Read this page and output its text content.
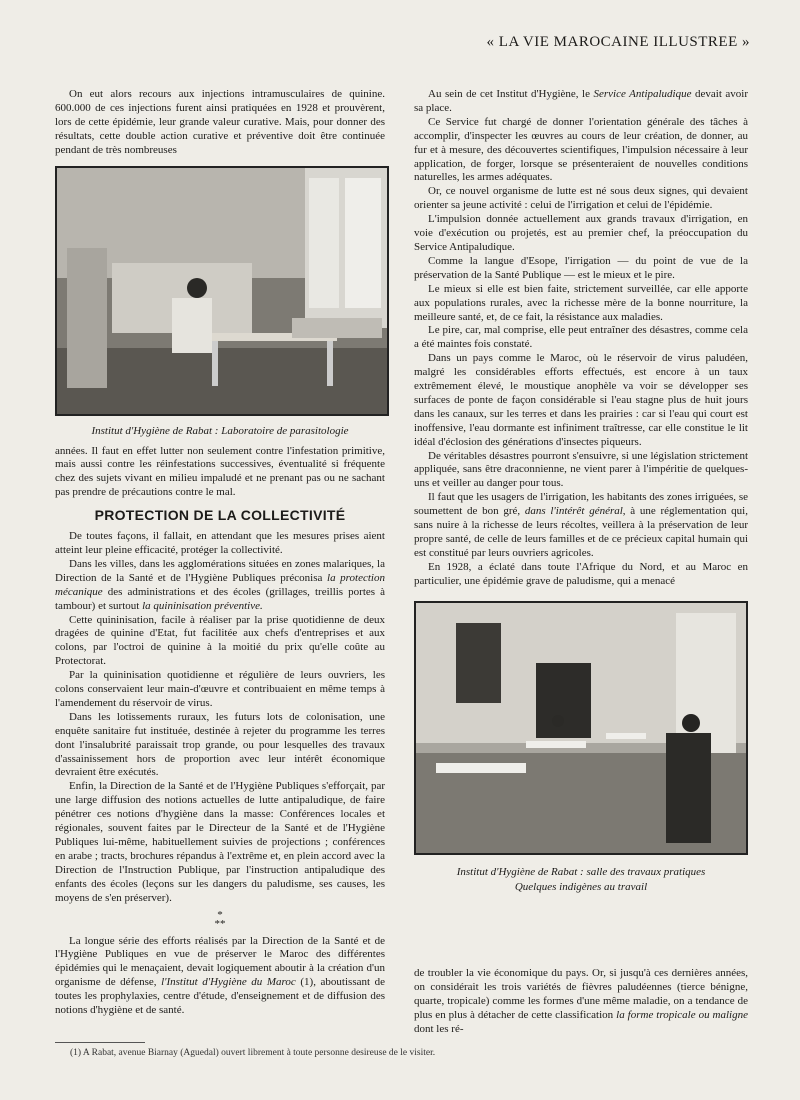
« LA VIE MAROCAINE ILLUSTREE »

On eut alors recours aux injections intramusculaires de quinine. 600.000 de ces injections furent ainsi pratiquées en 1928 et prouvèrent, lors de cette épidémie, leur grande valeur curative. Mais, pour donner des résultats, cette double action curative et préventive doit être continuée pendant de très nombreuses

Institut d'Hygiène de Rabat : Laboratoire de parasitologie

années. Il faut en effet lutter non seulement contre l'infestation primitive, mais aussi contre les réinfestations successives, éventualité si fréquente chez des sujets vivant en milieu impaludé et ne prenant pas ou ne sachant pas prendre de précautions contre le mal.

PROTECTION DE LA COLLECTIVITÉ

De toutes façons, il fallait, en attendant que les mesures prises aient atteint leur pleine efficacité, protéger la collectivité.

Dans les villes, dans les agglomérations situées en zones malariques, la Direction de la Santé et de l'Hygiène Publiques préconisa la protection mécanique des administrations et des écoles (grillages, treillis portes à tambour) et surtout la quininisation préventive.

Cette quininisation, facile à réaliser par la prise quotidienne de deux dragées de quinine d'Etat, fut facilitée aux chefs d'entreprises et aux colons, par l'octroi de quinine à la moitié du prix qu'elle coûte au Protectorat.

Par la quininisation quotidienne et régulière de leurs ouvriers, les colons conservaient leur main-d'œuvre et contribuaient en même temps à l'amendement du réservoir de virus.

Dans les lotissements ruraux, les futurs lots de colonisation, une enquête sanitaire fut instituée, destinée à rejeter du programme les terres dont l'insalubrité paraissait trop grande, ou pour lesquelles des travaux d'assainissement hors de proportion avec leur intérêt économique devraient être exécutés.

Enfin, la Direction de la Santé et de l'Hygiène Publiques s'efforçait, par une large diffusion des notions actuelles de lutte antipaludique, de faire pénétrer ces notions d'hygiène dans la masse: Conférences locales et régionales, souvent faites par le Directeur de la Santé et de l'Hygiène Publiques lui-même, habituellement suivies de projections ; conférences en arabe ; tracts, brochures répandus à l'extrême et, en plein accord avec la Direction de l'Instruction Publique, par l'instruction antipaludique des enfants des écoles (leçons sur les dangers du paludisme, ses causes, les moyens de s'en préserver).

*
**

La longue série des efforts réalisés par la Direction de la Santé et de l'Hygiène Publiques en vue de préserver le Maroc des différentes épidémies qui le menaçaient, devait logiquement aboutir à la création d'un organisme de défense, l'Institut d'Hygiène du Maroc (1), aboutissant de toutes les prophylaxies, centre d'étude, d'enseignement et de diffusion des notions d'hygiène et de santé.

Au sein de cet Institut d'Hygiène, le Service Antipaludique devait avoir sa place.

Ce Service fut chargé de donner l'orientation générale des tâches à accomplir, d'inspecter les œuvres au cours de leur création, de donner, au fur et à mesure, des découvertes scientifiques, l'impulsion nécessaire à leur application, de forger, lorsque se présenteraient de nouvelles conditions naturelles, les armes adéquates.

Or, ce nouvel organisme de lutte est né sous deux signes, qui devaient orienter sa jeune activité : celui de l'irrigation et celui de l'épidémie.

L'impulsion donnée actuellement aux grands travaux d'irrigation, en voie d'exécution ou projetés, est au premier chef, la préoccupation du Service Antipaludique.

Comme la langue d'Esope, l'irrigation — du point de vue de la préservation de la Santé Publique — est le mieux et le pire.

Le mieux si elle est bien faite, strictement surveillée, car elle apporte aux populations rurales, avec la richesse mère de la bonne nourriture, la meilleure santé, et, de ce fait, la résistance aux maladies.

Le pire, car, mal comprise, elle peut entraîner des désastres, comme cela a été maintes fois constaté.

Dans un pays comme le Maroc, où le réservoir de virus paludéen, malgré les considérables efforts effectués, est encore à un taux extrêmement élevé, le moustique anophèle va voir se développer ses surfaces de ponte de façon considérable si l'eau stagne plus de huit jours dans les canaux, sur les terres et dans les prairies : car si l'eau qui court est inoffensive, l'eau dormante est infiniment traîtresse, car elle constitue le lit idéal d'éclosion des générations d'insectes piqueurs.

De véritables désastres pourront s'ensuivre, si une législation strictement appliquée, sans être draconnienne, ne vient parer à l'impéritie de quelques-uns et veiller au danger pour tous.

Il faut que les usagers de l'irrigation, les habitants des zones irriguées, se soumettent de bon gré, dans l'intérêt général, à une réglementation qui, sans nuire à la richesse de leurs récoltes, veillera à la préservation de leur propre santé, de celle de leurs familles et de ce précieux capital humain qui est constitué par leurs ouvriers agricoles.

En 1928, a éclaté dans toute l'Afrique du Nord, et au Maroc en particulier, une épidémie grave de paludisme, qui a menacé

Institut d'Hygiène de Rabat : salle des travaux pratiques
Quelques indigènes au travail

de troubler la vie économique du pays. Or, si jusqu'à ces dernières années, on considérait les trois variétés de fièvres paludéennes (tierce bénigne, quarte, tropicale) comme les formes d'une même maladie, on a tendance de plus en plus à détacher de cette classification la forme tropicale ou maligne dont les ré-

(1) A Rabat, avenue Biarnay (Aguedal) ouvert librement à toute personne desireuse de le visiter.
